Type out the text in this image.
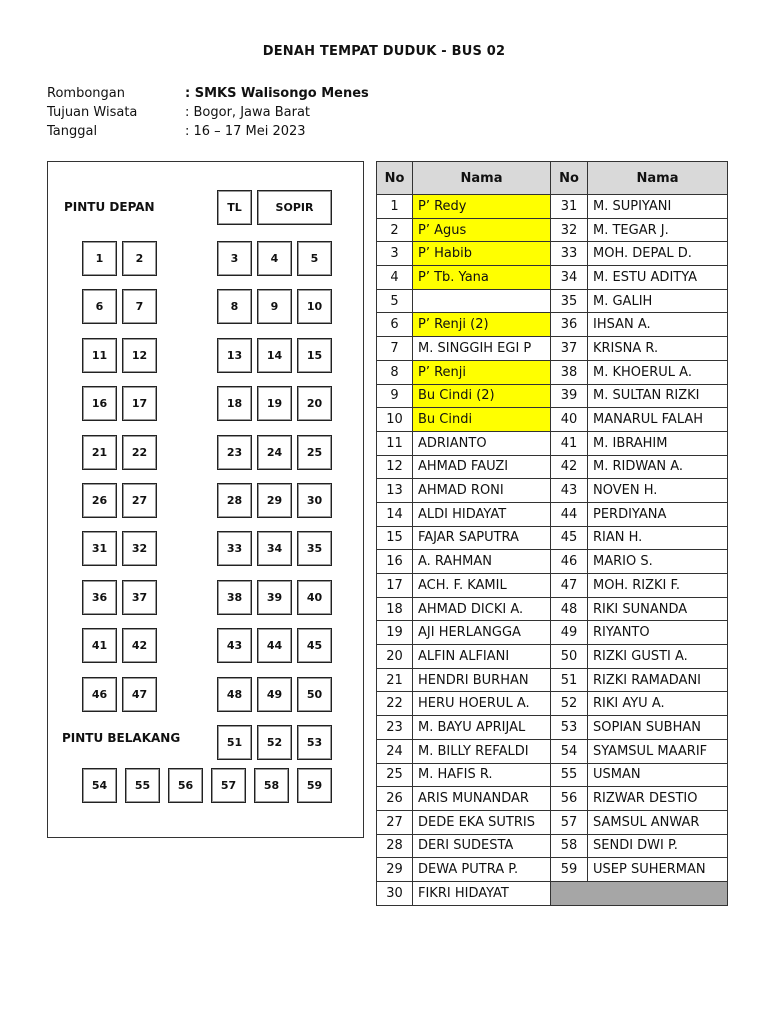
DENAH TEMPAT DUDUK - BUS 02
Rombongan	: SMKS Walisongo Menes
Tujuan Wisata	: Bogor, Jawa Barat
Tanggal	: 16 – 17 Mei 2023
PINTU DEPAN
PINTU BELAKANG
TL	SOPIR
1	2	3	4	5
6	7	8	9	10
11	12	13	14	15
16	17	18	19	20
21	22	23	24	25
26	27	28	29	30
31	32	33	34	35
36	37	38	39	40
41	42	43	44	45
46	47	48	49	50
51	52	53
54	55	56	57	58	59
No	Nama	No	Nama
1	P’ Redy	31	M. SUPIYANI
2	P’ Agus	32	M. TEGAR J.
3	P’ Habib	33	MOH. DEPAL D.
4	P’ Tb. Yana	34	M. ESTU ADITYA
5		35	M. GALIH
6	P’ Renji (2)	36	IHSAN A.
7	M. SINGGIH EGI P	37	KRISNA R.
8	P’ Renji	38	M. KHOERUL A.
9	Bu Cindi (2)	39	M. SULTAN RIZKI
10	Bu Cindi	40	MANARUL FALAH
11	ADRIANTO	41	M. IBRAHIM
12	AHMAD FAUZI	42	M. RIDWAN A.
13	AHMAD RONI	43	NOVEN H.
14	ALDI HIDAYAT	44	PERDIYANA
15	FAJAR SAPUTRA	45	RIAN H.
16	A. RAHMAN	46	MARIO S.
17	ACH. F. KAMIL	47	MOH. RIZKI F.
18	AHMAD DICKI A.	48	RIKI SUNANDA
19	AJI HERLANGGA	49	RIYANTO
20	ALFIN ALFIANI	50	RIZKI GUSTI A.
21	HENDRI BURHAN	51	RIZKI RAMADANI
22	HERU HOERUL A.	52	RIKI AYU A.
23	M. BAYU APRIJAL	53	SOPIAN SUBHAN
24	M. BILLY REFALDI	54	SYAMSUL MAARIF
25	M. HAFIS R.	55	USMAN
26	ARIS MUNANDAR	56	RIZWAR DESTIO
27	DEDE EKA SUTRIS	57	SAMSUL ANWAR
28	DERI SUDESTA	58	SENDI DWI P.
29	DEWA PUTRA P.	59	USEP SUHERMAN
30	FIKRI HIDAYAT		
